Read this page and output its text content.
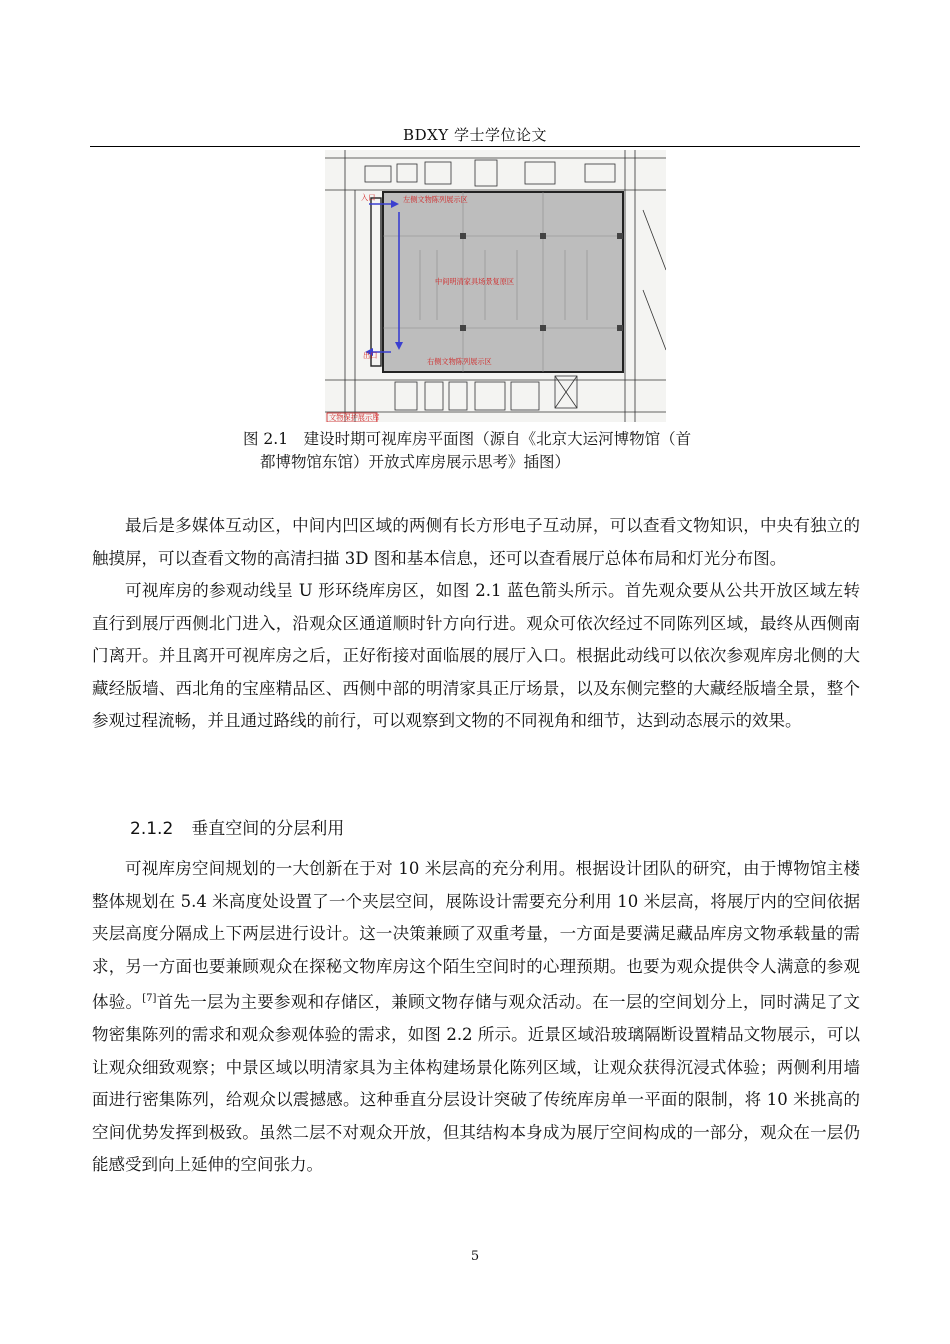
BDXY 学士学位论文
左侧文物陈列展示区
中间明清家具场景复原区
右侧文物陈列展示区
入口
出口
文物保护展示库
图 2.1　建设时期可视库房平面图（源自《北京大运河博物馆（首
都博物馆东馆）开放式库房展示思考》插图）

最后是多媒体互动区，中间内凹区域的两侧有长方形电子互动屏，可以查看文物知识，中央有独立的触摸屏，可以查看文物的高清扫描 3D 图和基本信息，还可以查看展厅总体布局和灯光分布图。

可视库房的参观动线呈 U 形环绕库房区，如图 2.1 蓝色箭头所示。首先观众要从公共开放区域左转直行到展厅西侧北门进入，沿观众区通道顺时针方向行进。观众可依次经过不同陈列区域，最终从西侧南门离开。并且离开可视库房之后，正好衔接对面临展的展厅入口。根据此动线可以依次参观库房北侧的大藏经版墙、西北角的宝座精品区、西侧中部的明清家具正厅场景，以及东侧完整的大藏经版墙全景，整个参观过程流畅，并且通过路线的前行，可以观察到文物的不同视角和细节，达到动态展示的效果。

2.1.2 垂直空间的分层利用

可视库房空间规划的一大创新在于对 10 米层高的充分利用。根据设计团队的研究，由于博物馆主楼整体规划在 5.4 米高度处设置了一个夹层空间，展陈设计需要充分利用 10 米层高，将展厅内的空间依据夹层高度分隔成上下两层进行设计。这一决策兼顾了双重考量，一方面是要满足藏品库房文物承载量的需求，另一方面也要兼顾观众在探秘文物库房这个陌生空间时的心理预期。也要为观众提供令人满意的参观体验。[7]首先一层为主要参观和存储区，兼顾文物存储与观众活动。在一层的空间划分上，同时满足了文物密集陈列的需求和观众参观体验的需求，如图 2.2 所示。近景区域沿玻璃隔断设置精品文物展示，可以让观众细致观察；中景区域以明清家具为主体构建场景化陈列区域，让观众获得沉浸式体验；两侧利用墙面进行密集陈列，给观众以震撼感。这种垂直分层设计突破了传统库房单一平面的限制，将 10 米挑高的空间优势发挥到极致。虽然二层不对观众开放，但其结构本身成为展厅空间构成的一部分，观众在一层仍能感受到向上延伸的空间张力。

5
